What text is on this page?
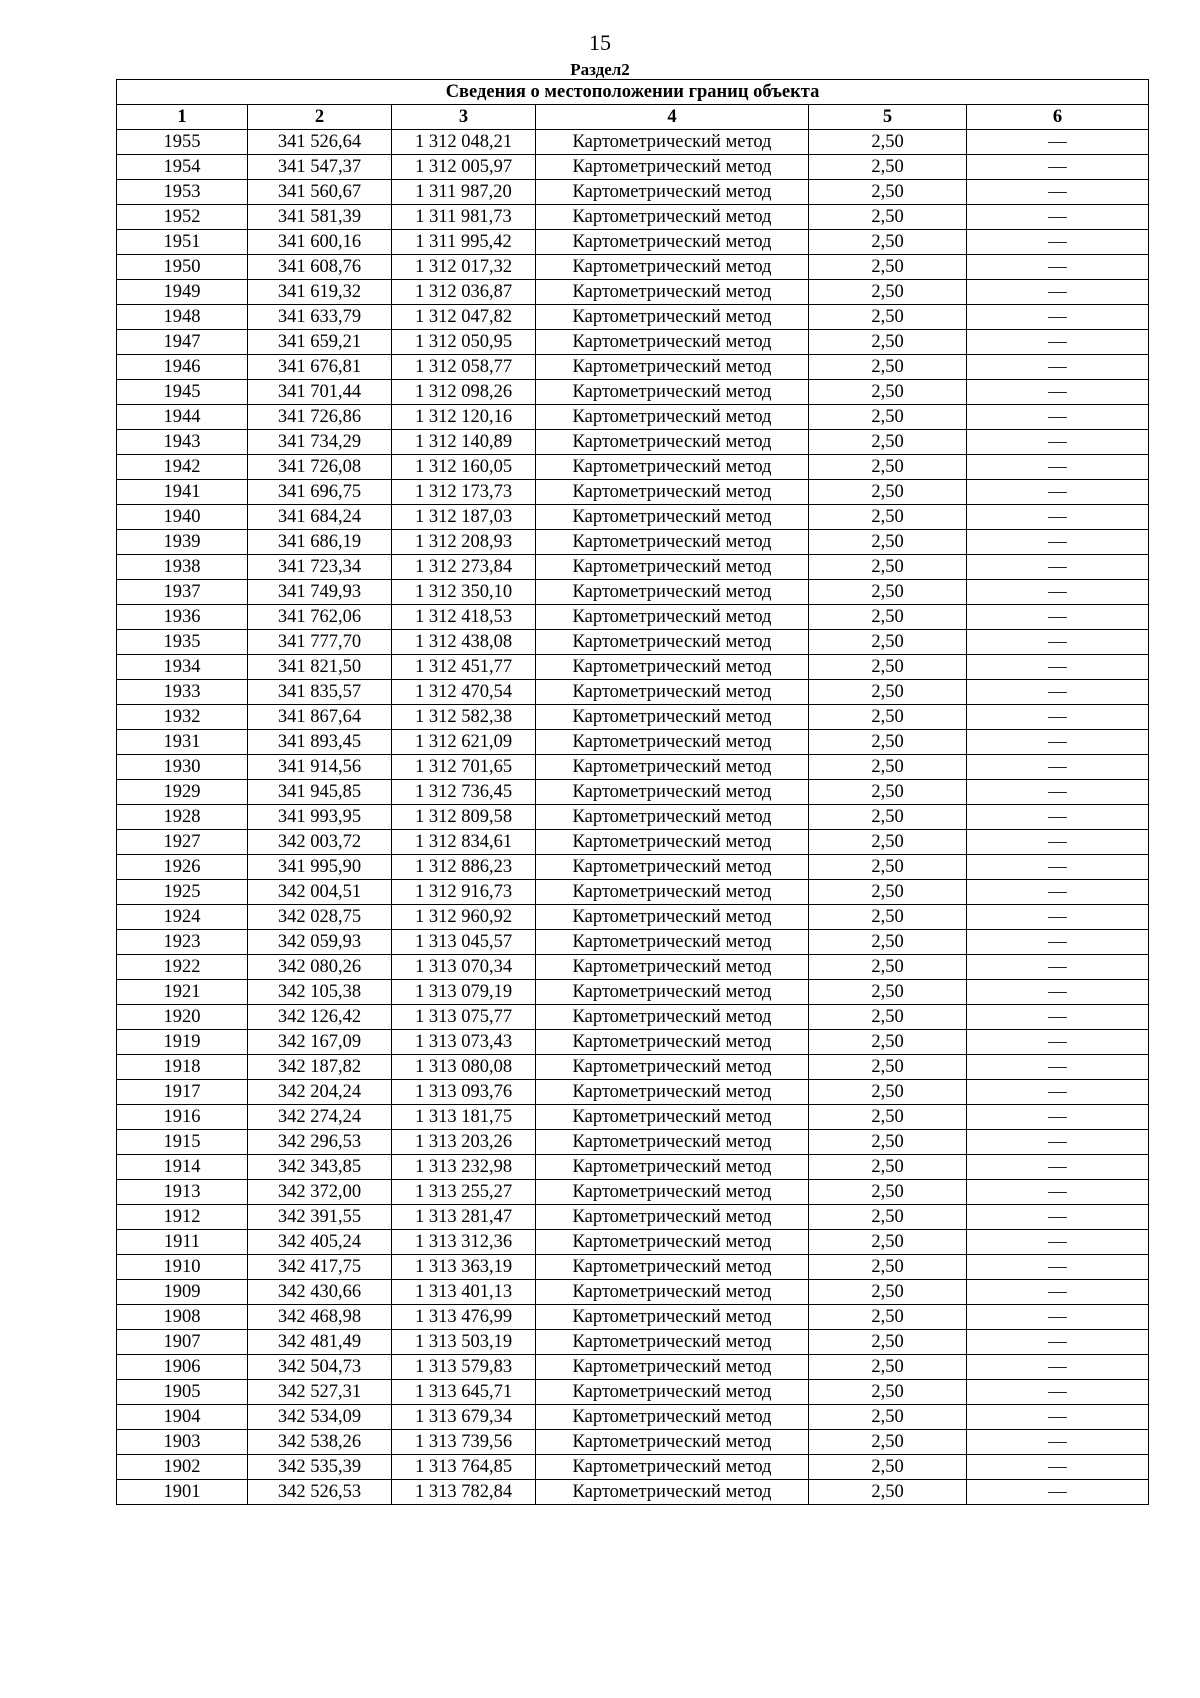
15
Раздел2
Сведения о местоположении границ объекта					
1	2	3	4	5	6
1955	341 526,64	1 312 048,21	Картометрический метод	2,50	—
1954	341 547,37	1 312 005,97	Картометрический метод	2,50	—
1953	341 560,67	1 311 987,20	Картометрический метод	2,50	—
1952	341 581,39	1 311 981,73	Картометрический метод	2,50	—
1951	341 600,16	1 311 995,42	Картометрический метод	2,50	—
1950	341 608,76	1 312 017,32	Картометрический метод	2,50	—
1949	341 619,32	1 312 036,87	Картометрический метод	2,50	—
1948	341 633,79	1 312 047,82	Картометрический метод	2,50	—
1947	341 659,21	1 312 050,95	Картометрический метод	2,50	—
1946	341 676,81	1 312 058,77	Картометрический метод	2,50	—
1945	341 701,44	1 312 098,26	Картометрический метод	2,50	—
1944	341 726,86	1 312 120,16	Картометрический метод	2,50	—
1943	341 734,29	1 312 140,89	Картометрический метод	2,50	—
1942	341 726,08	1 312 160,05	Картометрический метод	2,50	—
1941	341 696,75	1 312 173,73	Картометрический метод	2,50	—
1940	341 684,24	1 312 187,03	Картометрический метод	2,50	—
1939	341 686,19	1 312 208,93	Картометрический метод	2,50	—
1938	341 723,34	1 312 273,84	Картометрический метод	2,50	—
1937	341 749,93	1 312 350,10	Картометрический метод	2,50	—
1936	341 762,06	1 312 418,53	Картометрический метод	2,50	—
1935	341 777,70	1 312 438,08	Картометрический метод	2,50	—
1934	341 821,50	1 312 451,77	Картометрический метод	2,50	—
1933	341 835,57	1 312 470,54	Картометрический метод	2,50	—
1932	341 867,64	1 312 582,38	Картометрический метод	2,50	—
1931	341 893,45	1 312 621,09	Картометрический метод	2,50	—
1930	341 914,56	1 312 701,65	Картометрический метод	2,50	—
1929	341 945,85	1 312 736,45	Картометрический метод	2,50	—
1928	341 993,95	1 312 809,58	Картометрический метод	2,50	—
1927	342 003,72	1 312 834,61	Картометрический метод	2,50	—
1926	341 995,90	1 312 886,23	Картометрический метод	2,50	—
1925	342 004,51	1 312 916,73	Картометрический метод	2,50	—
1924	342 028,75	1 312 960,92	Картометрический метод	2,50	—
1923	342 059,93	1 313 045,57	Картометрический метод	2,50	—
1922	342 080,26	1 313 070,34	Картометрический метод	2,50	—
1921	342 105,38	1 313 079,19	Картометрический метод	2,50	—
1920	342 126,42	1 313 075,77	Картометрический метод	2,50	—
1919	342 167,09	1 313 073,43	Картометрический метод	2,50	—
1918	342 187,82	1 313 080,08	Картометрический метод	2,50	—
1917	342 204,24	1 313 093,76	Картометрический метод	2,50	—
1916	342 274,24	1 313 181,75	Картометрический метод	2,50	—
1915	342 296,53	1 313 203,26	Картометрический метод	2,50	—
1914	342 343,85	1 313 232,98	Картометрический метод	2,50	—
1913	342 372,00	1 313 255,27	Картометрический метод	2,50	—
1912	342 391,55	1 313 281,47	Картометрический метод	2,50	—
1911	342 405,24	1 313 312,36	Картометрический метод	2,50	—
1910	342 417,75	1 313 363,19	Картометрический метод	2,50	—
1909	342 430,66	1 313 401,13	Картометрический метод	2,50	—
1908	342 468,98	1 313 476,99	Картометрический метод	2,50	—
1907	342 481,49	1 313 503,19	Картометрический метод	2,50	—
1906	342 504,73	1 313 579,83	Картометрический метод	2,50	—
1905	342 527,31	1 313 645,71	Картометрический метод	2,50	—
1904	342 534,09	1 313 679,34	Картометрический метод	2,50	—
1903	342 538,26	1 313 739,56	Картометрический метод	2,50	—
1902	342 535,39	1 313 764,85	Картометрический метод	2,50	—
1901	342 526,53	1 313 782,84	Картометрический метод	2,50	—
